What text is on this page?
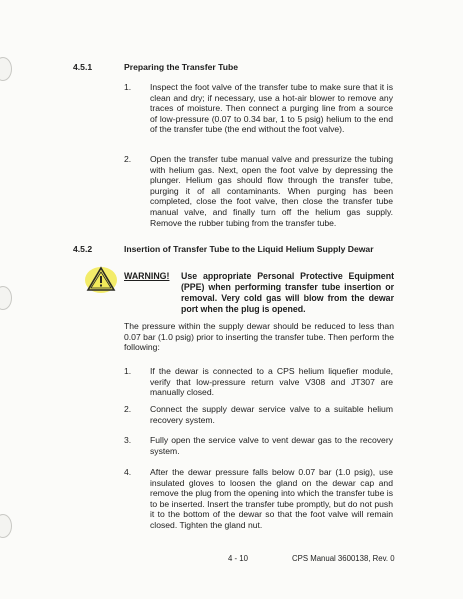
4.5.1	Preparing the Transfer Tube
1. Inspect the foot valve of the transfer tube to make sure that it is clean and dry; if necessary, use a hot-air blower to remove any traces of moisture. Then connect a purging line from a source of low-pressure (0.07 to 0.34 bar, 1 to 5 psig) helium to the end of the transfer tube (the end without the foot valve).
2. Open the transfer tube manual valve and pressurize the tubing with helium gas. Next, open the foot valve by depressing the plunger. Helium gas should flow through the transfer tube, purging it of all contaminants. When purging has been completed, close the foot valve, then close the transfer tube manual valve, and finally turn off the helium gas supply. Remove the rubber tubing from the transfer tube.
4.5.2	Insertion of Transfer Tube to the Liquid Helium Supply Dewar
WARNING! Use appropriate Personal Protective Equipment (PPE) when performing transfer tube insertion or removal. Very cold gas will blow from the dewar port when the plug is opened.
The pressure within the supply dewar should be reduced to less than 0.07 bar (1.0 psig) prior to inserting the transfer tube. Then perform the following:
1. If the dewar is connected to a CPS helium liquefier module, verify that low-pressure return valve V308 and JT307 are manually closed.
2. Connect the supply dewar service valve to a suitable helium recovery system.
3. Fully open the service valve to vent dewar gas to the recovery system.
4. After the dewar pressure falls below 0.07 bar (1.0 psig), use insulated gloves to loosen the gland on the dewar cap and remove the plug from the opening into which the transfer tube is to be inserted. Insert the transfer tube promptly, but do not push it to the bottom of the dewar so that the foot valve will remain closed. Tighten the gland nut.
4 - 10	CPS Manual 3600138, Rev. 0
